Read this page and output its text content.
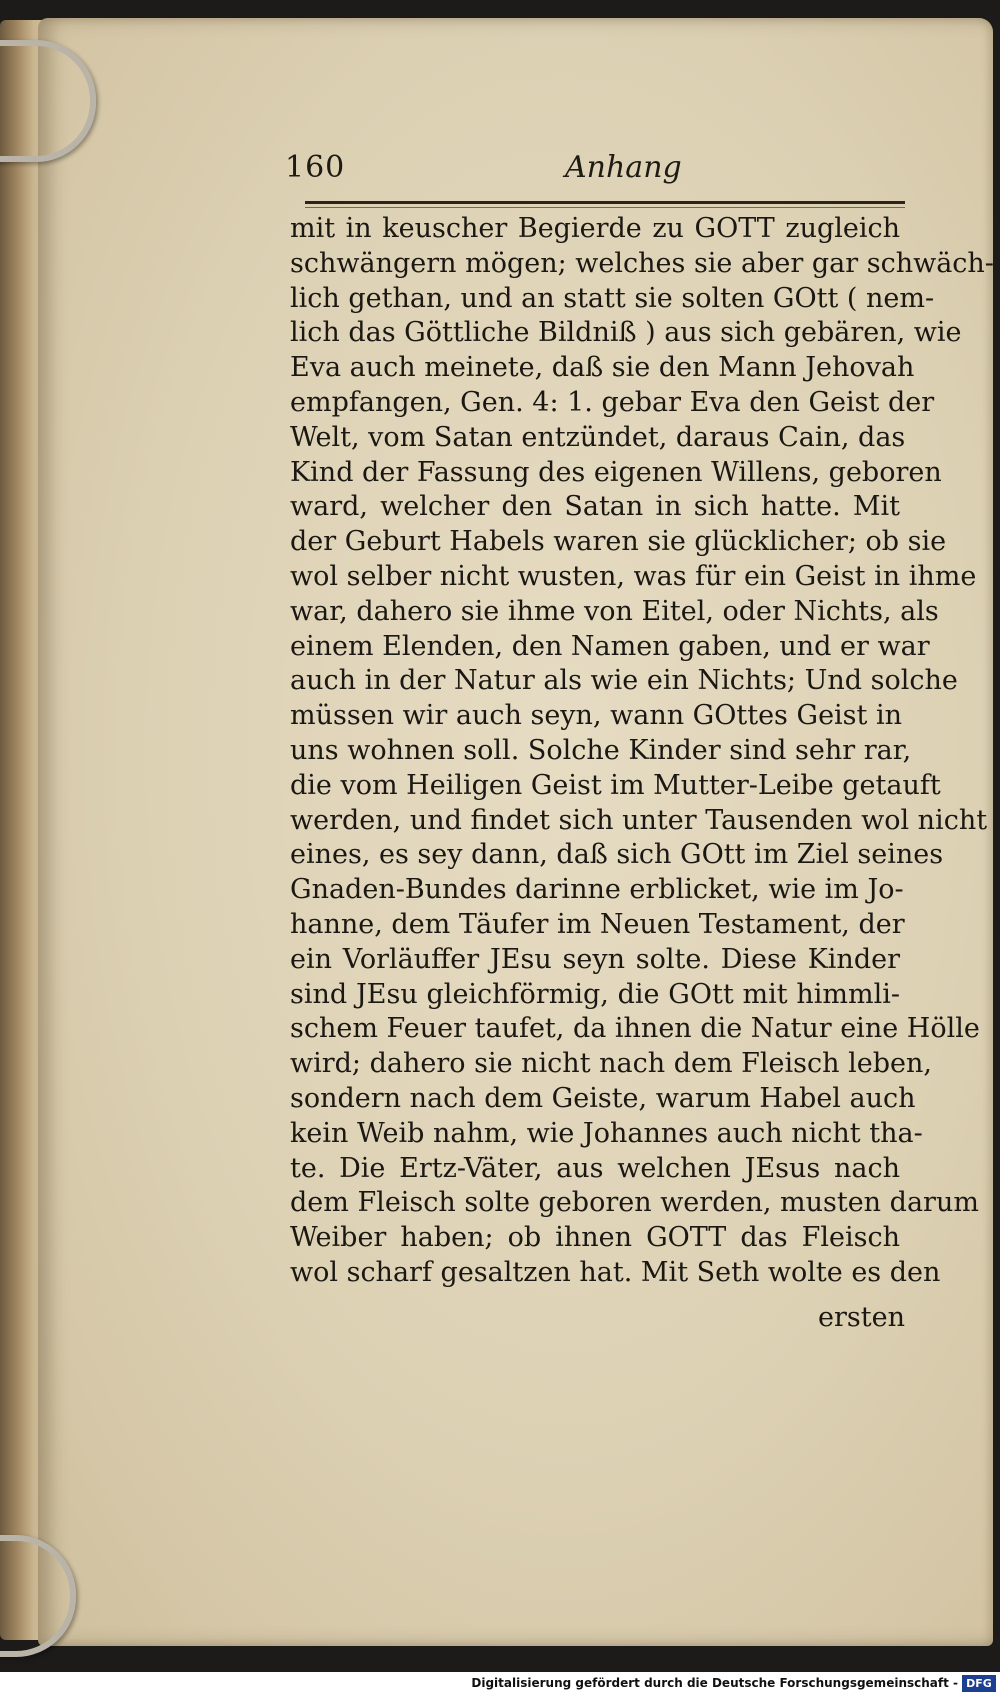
160	Anhang
mit in keuscher Begierde zu GOTT zugleich
schwängern mögen; welches sie aber gar schwäch-
lich gethan, und an statt sie solten GOtt ( nem-
lich das Göttliche Bildniß ) aus sich gebären, wie
Eva auch meinete, daß sie den Mann Jehovah
empfangen, Gen. 4: 1. gebar Eva den Geist der
Welt, vom Satan entzündet, daraus Cain, das
Kind der Fassung des eigenen Willens, geboren
ward, welcher den Satan in sich hatte. Mit
der Geburt Habels waren sie glücklicher; ob sie
wol selber nicht wusten, was für ein Geist in ihme
war, dahero sie ihme von Eitel, oder Nichts, als
einem Elenden, den Namen gaben, und er war
auch in der Natur als wie ein Nichts; Und solche
müssen wir auch seyn, wann GOttes Geist in
uns wohnen soll. Solche Kinder sind sehr rar,
die vom Heiligen Geist im Mutter-Leibe getauft
werden, und findet sich unter Tausenden wol nicht
eines, es sey dann, daß sich GOtt im Ziel seines
Gnaden-Bundes darinne erblicket, wie im Jo-
hanne, dem Täufer im Neuen Testament, der
ein Vorläuffer JEsu seyn solte. Diese Kinder
sind JEsu gleichförmig, die GOtt mit himmli-
schem Feuer taufet, da ihnen die Natur eine Hölle
wird; dahero sie nicht nach dem Fleisch leben,
sondern nach dem Geiste, warum Habel auch
kein Weib nahm, wie Johannes auch nicht tha-
te. Die Ertz-Väter, aus welchen JEsus nach
dem Fleisch solte geboren werden, musten darum
Weiber haben; ob ihnen GOTT das Fleisch
wol scharf gesaltzen hat. Mit Seth wolte es den
ersten
Digitalisierung gefördert durch die Deutsche Forschungsgemeinschaft - DFG
